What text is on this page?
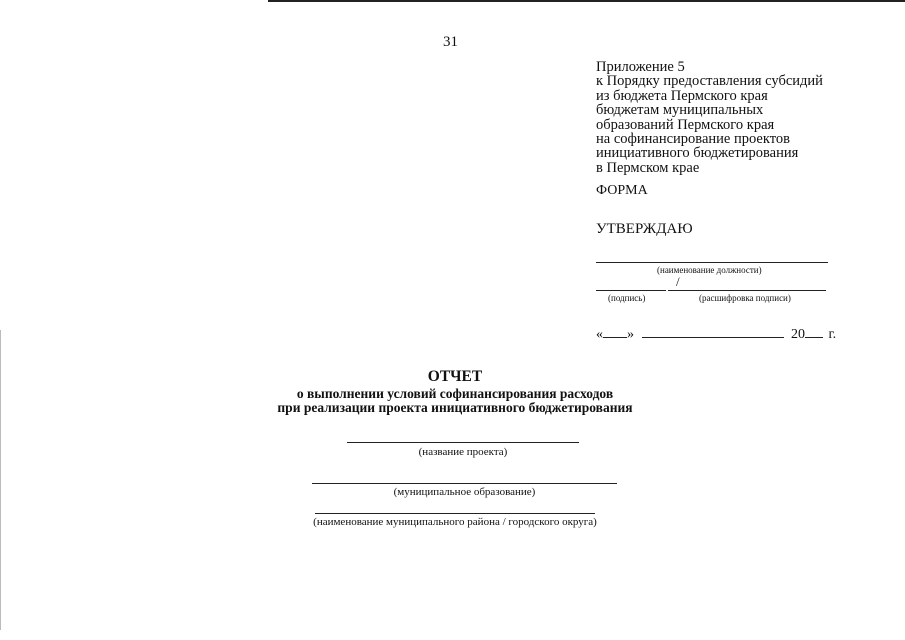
31
Приложение 5
к Порядку предоставления субсидий
из бюджета Пермского края
бюджетам муниципальных
образований Пермского края
на софинансирование проектов
инициативного бюджетирования
в Пермском крае
ФОРМА
УТВЕРЖДАЮ
(наименование должности)
/
(подпись)	(расшифровка подписи)
« »	20 г.
ОТЧЕТ
о выполнении условий софинансирования расходов
при реализации проекта инициативного бюджетирования
(название проекта)
(муниципальное образование)
(наименование муниципального района / городского округа)
